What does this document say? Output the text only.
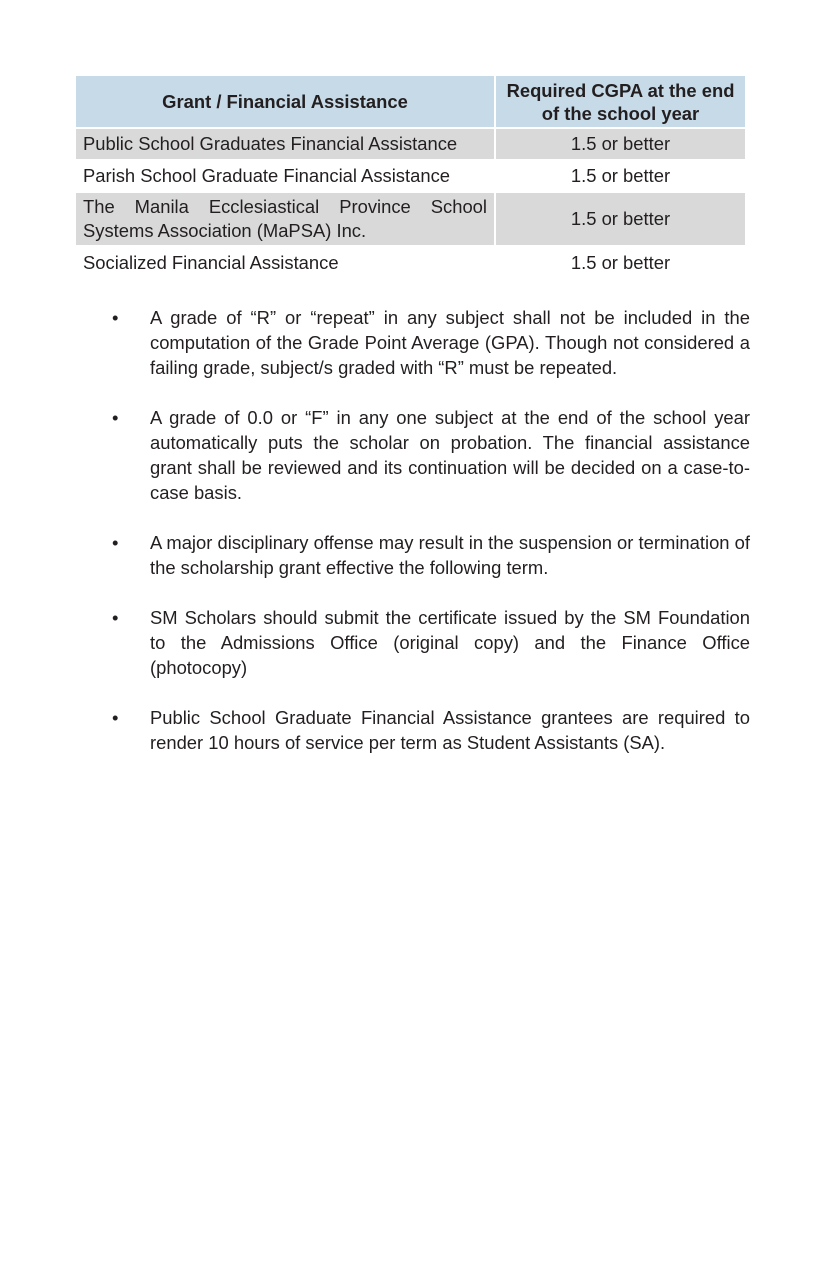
Grant / Financial Assistance	Required CGPA at the end of the school year
Public School Graduates Financial Assistance	1.5 or better
Parish School Graduate Financial Assistance	1.5 or better
The Manila Ecclesiastical Province School Systems Association (MaPSA) Inc.	1.5 or better
Socialized Financial Assistance	1.5 or better
• A grade of “R” or “repeat” in any subject shall not be included in the computation of the Grade Point Average (GPA). Though not considered a failing grade, subject/s graded with “R” must be repeated.
• A grade of 0.0 or “F” in any one subject at the end of the school year automatically puts the scholar on probation. The financial assistance grant shall be reviewed and its continuation will be decided on a case-to-case basis.
• A major disciplinary offense may result in the suspension or termination of the scholarship grant effective the following term.
• SM Scholars should submit the certificate issued by the SM Foundation to the Admissions Office (original copy) and the Finance Office (photocopy)
• Public School Graduate Financial Assistance grantees are required to render 10 hours of service per term as Student Assistants (SA).
